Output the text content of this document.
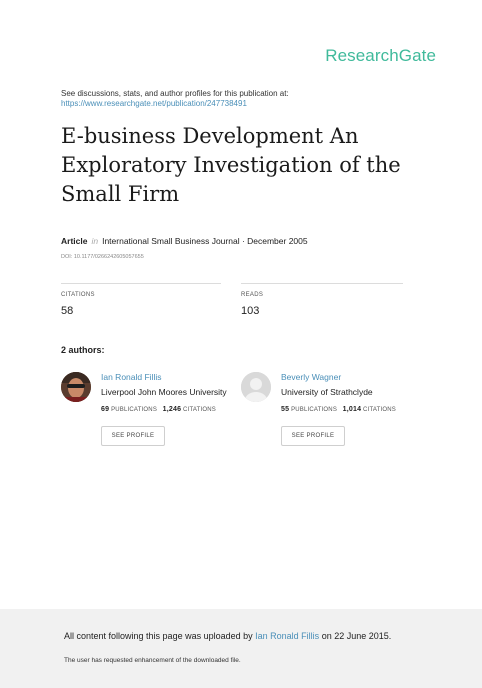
ResearchGate
See discussions, stats, and author profiles for this publication at:
https://www.researchgate.net/publication/247738491
E-business Development An Exploratory Investigation of the Small Firm
Article in International Small Business Journal · December 2005
DOI: 10.1177/0266242605057655
CITATIONS
58
READS
103
2 authors:
Ian Ronald Fillis
Liverpool John Moores University
69 PUBLICATIONS 1,246 CITATIONS
SEE PROFILE
Beverly Wagner
University of Strathclyde
55 PUBLICATIONS 1,014 CITATIONS
SEE PROFILE
All content following this page was uploaded by Ian Ronald Fillis on 22 June 2015.
The user has requested enhancement of the downloaded file.
